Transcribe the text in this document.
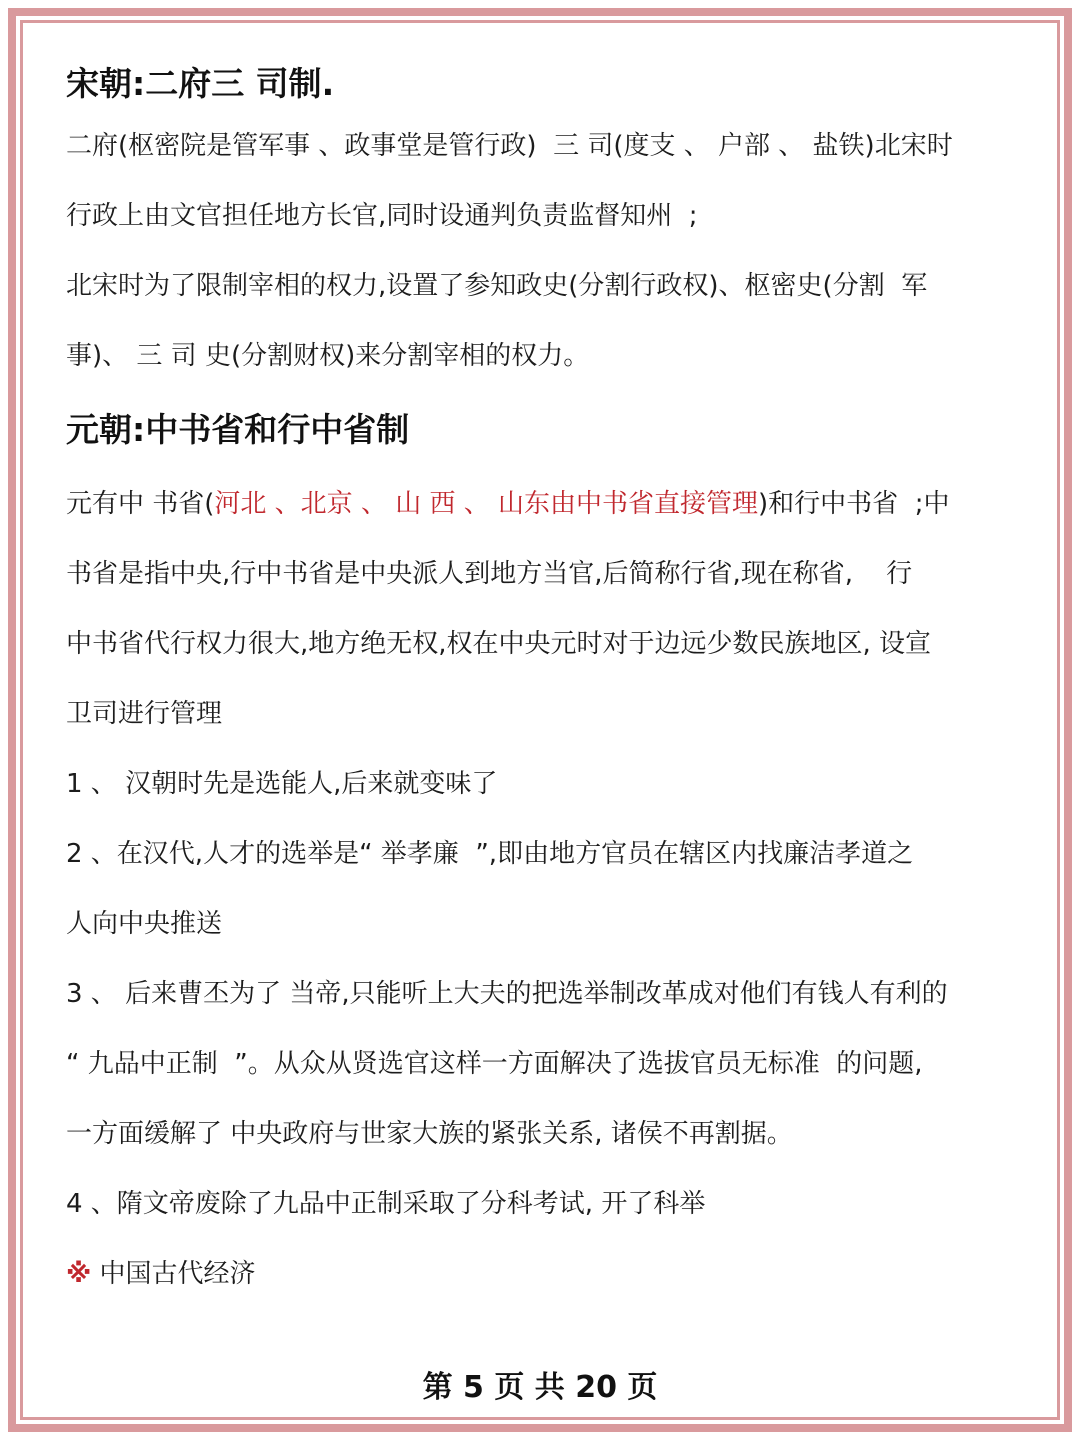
宋朝:二府三 司制.
二府(枢密院是管军事 、政事堂是管行政)  三 司(度支 、 户部 、 盐铁)北宋时
行政上由文官担任地方长官,同时设通判负责监督知州  ;
北宋时为了限制宰相的权力,设置了参知政史(分割行政权)、枢密史(分割  军
事)、 三 司 史(分割财权)来分割宰相的权力。
元朝:中书省和行中省制
元有中 书省(河北 、北京 、 山 西 、 山东由中书省直接管理)和行中书省  ;中
书省是指中央,行中书省是中央派人到地方当官,后简称行省,现在称省,    行
中书省代行权力很大,地方绝无权,权在中央元时对于边远少数民族地区, 设宣
卫司进行管理
1 、 汉朝时先是选能人,后来就变味了
2 、在汉代,人才的选举是“ 举孝廉  ”,即由地方官员在辖区内找廉洁孝道之
人向中央推送
3 、 后来曹丕为了 当帝,只能听上大夫的把选举制改革成对他们有钱人有利的
“ 九品中正制  ”。从众从贤选官这样一方面解决了选拔官员无标准  的问题,
一方面缓解了 中央政府与世家大族的紧张关系, 诸侯不再割据。
4 、隋文帝废除了九品中正制采取了分科考试, 开了科举
※ 中国古代经济
第 5 页 共 20 页
